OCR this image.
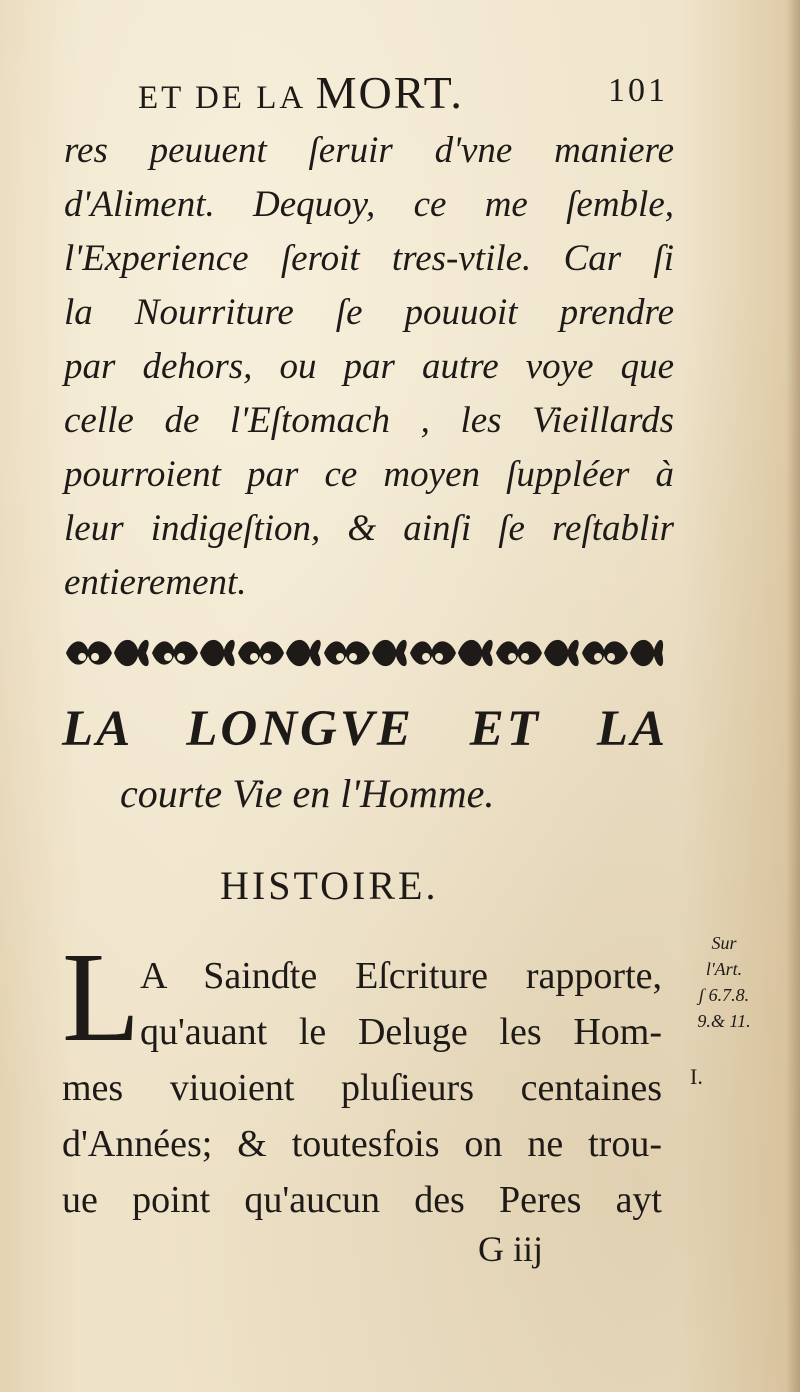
ET DE LA MORT.	101
res peuuent ſeruir d'vne maniere
d'Aliment. Dequoy, ce me ſemble,
l'Experience ſeroit tres-vtile. Car ſi
la Nourriture ſe pouuoit prendre
par dehors, ou par autre voye que
celle de l'Eſtomach , les Vieillards
pourroient par ce moyen ſuppléer à
leur indigeſtion, & ainſi ſe reſtablir
entierement.
LA LONGVE ET LA
courte Vie en l'Homme.
HISTOIRE.
L A Sainɗte Eſcriture rapporte,
qu'auant le Deluge les Hom-
mes viuoient pluſieurs centaines
d'Années; & toutesfois on ne trou-
ue point qu'aucun des Peres ayt
Sur
l'Art.
ʃ 6.7.8.
9.& 11.
I.
G iij
